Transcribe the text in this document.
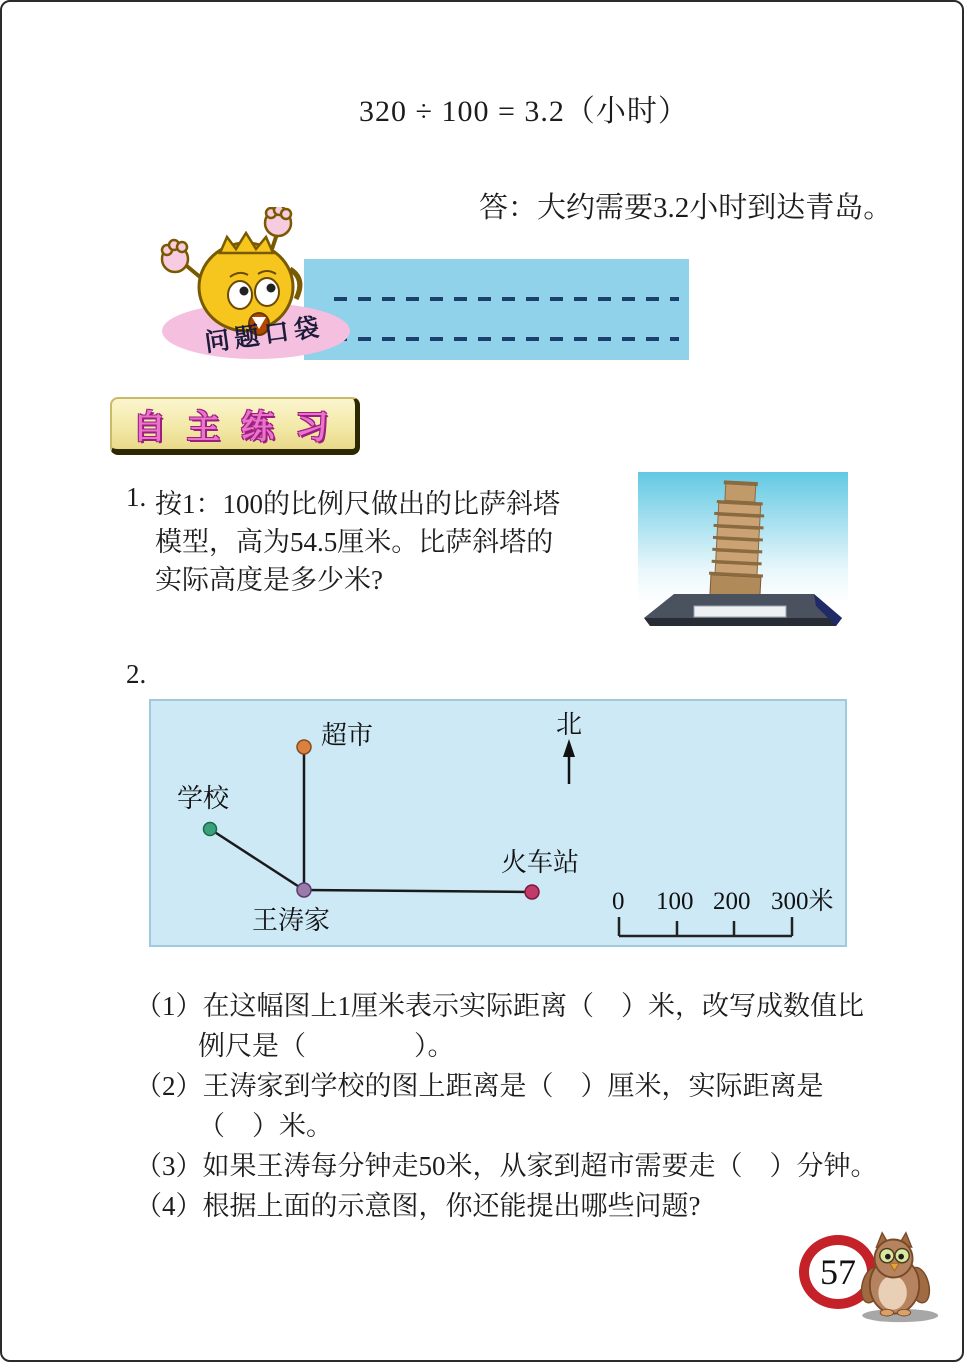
320 ÷ 100 = 3.2（小时）
答：大约需要3.2小时到达青岛。
问题口袋
自 主 练 习
1. 按1：100的比例尺做出的比萨斜塔
模型，高为54.5厘米。比萨斜塔的
实际高度是多少米?
2.
超市
学校
王涛家
火车站
北
0 100 200 300米
（1）在这幅图上1厘米表示实际距离（　）米，改写成数值比
例尺是（　　　　）。
（2）王涛家到学校的图上距离是（　）厘米，实际距离是
（　）米。
（3）如果王涛每分钟走50米，从家到超市需要走（　）分钟。
（4）根据上面的示意图，你还能提出哪些问题?
57
